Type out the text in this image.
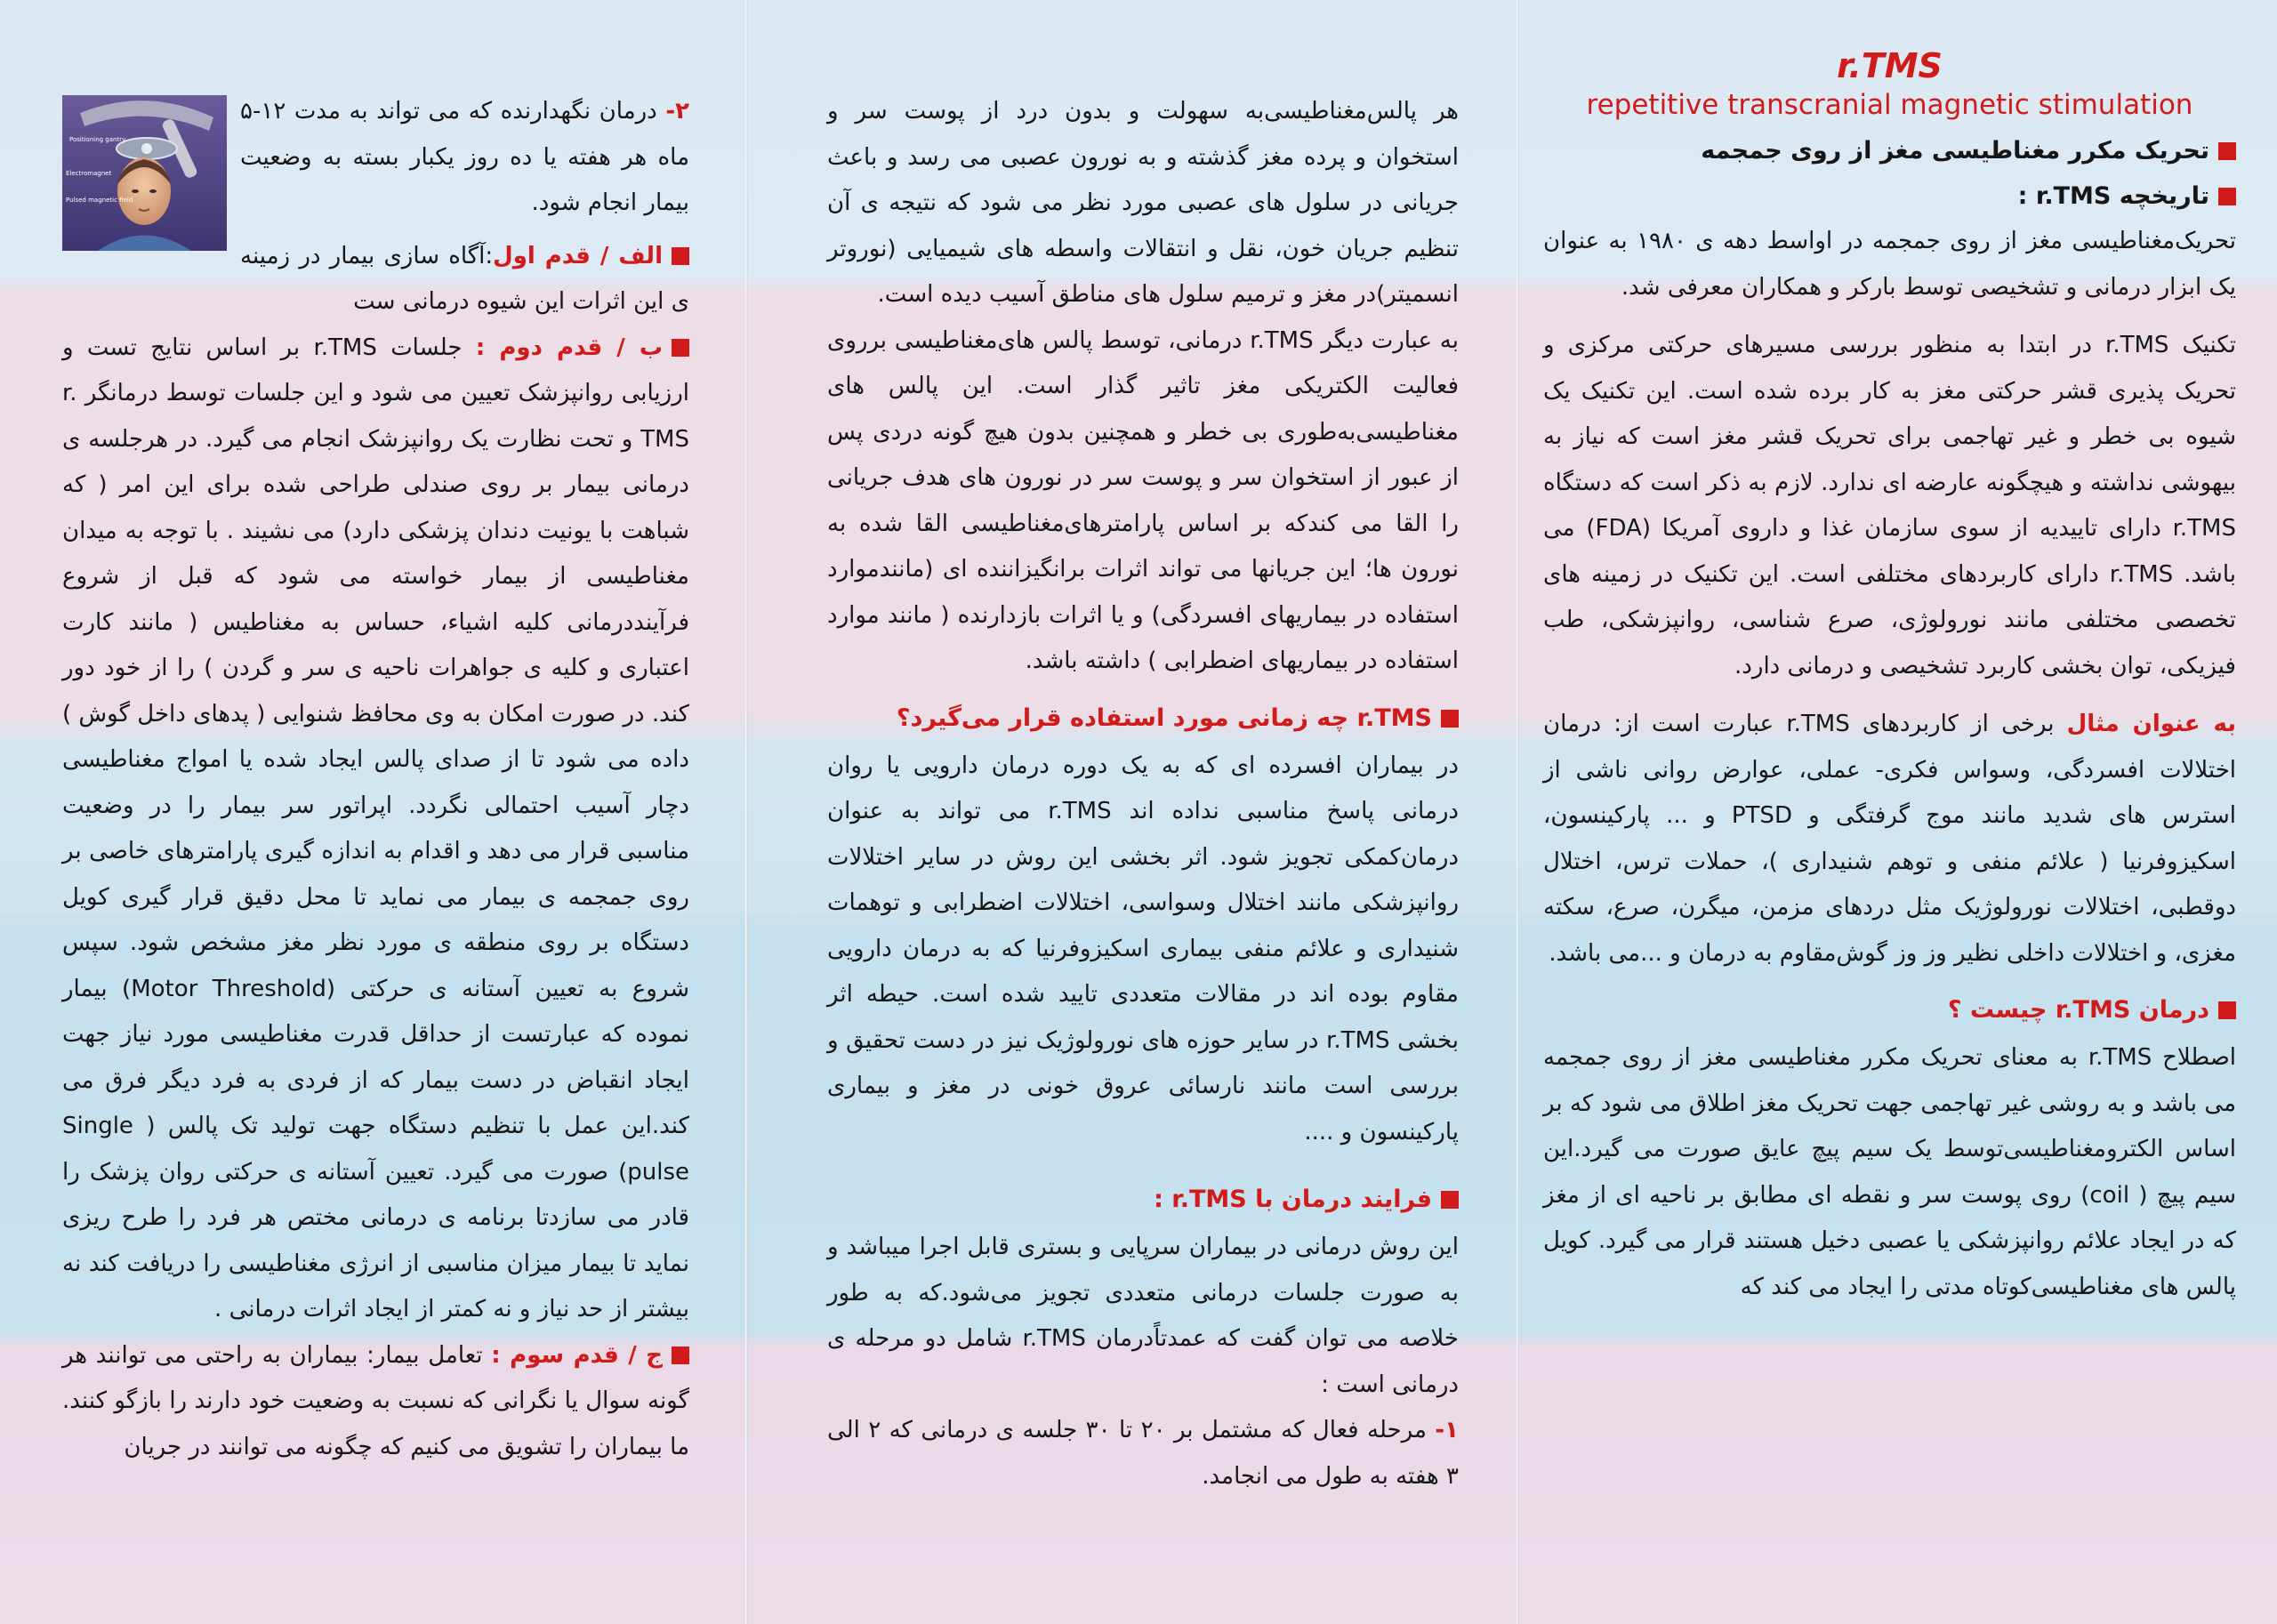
r.TMS

repetitive transcranial magnetic stimulation

تحریک مکرر مغناطیسی مغز از روی جمجمه

تاریخچه r.TMS :

تحریک‌مغناطیسی مغز از روی جمجمه در اواسط دهه ی ۱۹۸۰ به عنوان یک ابزار درمانی و تشخیصی توسط بارکر و همکاران معرفی شد.

تکنیک r.TMS در ابتدا به منظور بررسی مسیرهای حرکتی مرکزی و تحریک پذیری قشر حرکتی مغز به کار برده شده است. این تکنیک یک شیوه بی خطر و غیر تهاجمی برای تحریک قشر مغز است که نیاز به بیهوشی نداشته و هیچگونه عارضه ای ندارد. لازم به ذکر است که دستگاه r.TMS دارای تاییدیه از سوی سازمان غذا و داروی آمریکا (FDA) می باشد. r.TMS دارای کاربردهای مختلفی است. این تکنیک در زمینه های تخصصی مختلفی مانند نورولوژی، صرع شناسی، روانپزشکی، طب فیزیکی، توان بخشی کاربرد تشخیصی و درمانی دارد.

به عنوان مثال برخی از کاربردهای r.TMS عبارت است از: درمان اختلالات افسردگی، وسواس فکری- عملی، عوارض روانی ناشی از استرس های شدید مانند موج گرفتگی و PTSD و ... پارکینسون، اسکیزوفرنیا ( علائم منفی و توهم شنیداری )، حملات ترس، اختلال دوقطبی، اختلالات نورولوژیک مثل دردهای مزمن، میگرن، صرع، سکته مغزی، و اختلالات داخلی نظیر وز وز گوش‌مقاوم به درمان و ...می باشد.

درمان r.TMS چیست ؟

اصطلاح r.TMS به معنای تحریک مکرر مغناطیسی مغز از روی جمجمه می باشد و به روشی غیر تهاجمی جهت تحریک مغز اطلاق می شود که بر اساس الکترومغناطیسی‌توسط یک سیم پیچ عایق صورت می گیرد.این سیم پیچ ( coil) روی پوست سر و نقطه ای مطابق بر ناحیه ای از مغز که در ایجاد علائم روانپزشکی یا عصبی دخیل هستند قرار می گیرد. کویل پالس های مغناطیسی‌کوتاه مدتی را ایجاد می کند که

هر پالس‌مغناطیسی‌به سهولت و بدون درد از پوست سر و استخوان و پرده مغز گذشته و به نورون عصبی می رسد و باعث جریانی در سلول های عصبی مورد نظر می شود که نتیجه ی آن تنظیم جریان خون، نقل و انتقالات واسطه های شیمیایی (نوروتر انسمیتر)در مغز و ترمیم سلول های مناطق آسیب دیده است.

به عبارت دیگر r.TMS درمانی، توسط پالس های‌مغناطیسی برروی فعالیت الکتریکی مغز تاثیر گذار است. این پالس های مغناطیسی‌به‌طوری بی خطر و همچنین بدون هیچ گونه دردی پس از عبور از استخوان سر و پوست سر در نورون های هدف جریانی را القا می کند‌که بر اساس پارامترهای‌مغناطیسی القا شده به نورون ها؛ این جریانها می تواند اثرات برانگیزاننده ای (مانندموارد استفاده در بیماریهای افسردگی) و یا اثرات بازدارنده ( مانند موارد استفاده در بیماریهای اضطرابی ) داشته باشد.

r.TMS چه زمانی مورد استفاده قرار می‌گیرد؟

در بیماران افسرده ای که به یک دوره درمان دارویی یا روان درمانی پاسخ مناسبی نداده اند r.TMS می تواند به عنوان درمان‌کمکی تجویز شود. اثر بخشی این روش در سایر اختلالات روانپزشکی مانند اختلال وسواسی، اختلالات اضطرابی و توهمات شنیداری و علائم منفی بیماری اسکیزوفرنیا که به درمان دارویی مقاوم بوده اند در مقالات متعددی تایید شده است. حیطه اثر بخشی r.TMS در سایر حوزه های نورولوژیک نیز در دست تحقیق و بررسی است مانند نارسائی عروق خونی در مغز و بیماری پارکینسون و ....

فرایند درمان با r.TMS :

این روش درمانی در بیماران سرپایی و بستری قابل اجرا میباشد و به صورت جلسات درمانی متعددی تجویز می‌شود.که به طور خلاصه می توان گفت که عمدتاً‌درمان r.TMS شامل دو مرحله ی درمانی است :

۱- مرحله فعال که مشتمل بر ۲۰ تا ۳۰ جلسه ی درمانی که ۲ الی ۳ هفته به طول می انجامد.

۲- درمان نگهدارنده که می تواند به مدت ۱۲-۵ ماه هر هفته یا ده روز یکبار بسته به وضعیت بیمار انجام شود.

الف / قدم اول:آگاه سازی بیمار در زمینه ی این اثرات این شیوه درمانی ست

ب / قدم دوم : جلسات r.TMS بر اساس نتایج تست و ارزیابی روانپزشک تعیین می شود و این جلسات توسط درمانگر r. TMS و تحت نظارت یک روانپزشک انجام می گیرد. در هرجلسه ی درمانی بیمار بر روی صندلی طراحی شده برای این امر ( که شباهت با یونیت دندان پزشکی دارد) می نشیند . با توجه به میدان مغناطیسی از بیمار خواسته می شود که قبل از شروع فرآیند‌درمانی کلیه اشیاء، حساس به مغناطیس ( مانند کارت اعتباری و کلیه ی جواهرات ناحیه ی سر و گردن ) را از خود دور کند. در صورت امکان به وی محافظ شنوایی ( پدهای داخل گوش ) داده می شود تا از صدای پالس ایجاد شده یا امواج مغناطیسی د‌چار آسیب احتمالی نگردد. اپراتور سر بیمار را در وضعیت مناسبی قرار می دهد و اقدام به اندازه گیری پارامترهای خاصی بر روی جمجمه ی بیمار می نماید تا محل دقیق قرار گیری کویل دستگاه بر روی منطقه ی مورد نظر مغز مشخص شود. سپس شروع به تعیین آستانه ی حرکتی (Motor Threshold) بیمار نموده که عبارتست از حداقل قدرت مغناطیسی مورد نیاز جهت ایجاد انقباض در دست بیمار که از فردی به فرد دیگر فرق می کند.این عمل با تنظیم دستگاه جهت تولید تک پالس ( Single pulse) صورت می گیرد. تعیین آستانه ی حرکتی روان پزشک را قادر می سازد‌تا برنامه ی درمانی مختص هر فرد را طرح ریزی نماید تا بیمار میزان مناسبی از انرژی مغناطیسی را دریافت کند نه بیشتر از حد نیاز و نه کمتر از ایجاد اثرات درمانی .

ج / قدم سوم : تعامل بیمار: بیماران به راحتی می توانند هر گونه سوال یا نگرانی که نسبت به وضعیت خود دارند را بازگو کنند. ما بیماران را تشویق می کنیم که چگونه می توانند در جریان

Positioning gantry
Electromagnet
Pulsed magnetic field
